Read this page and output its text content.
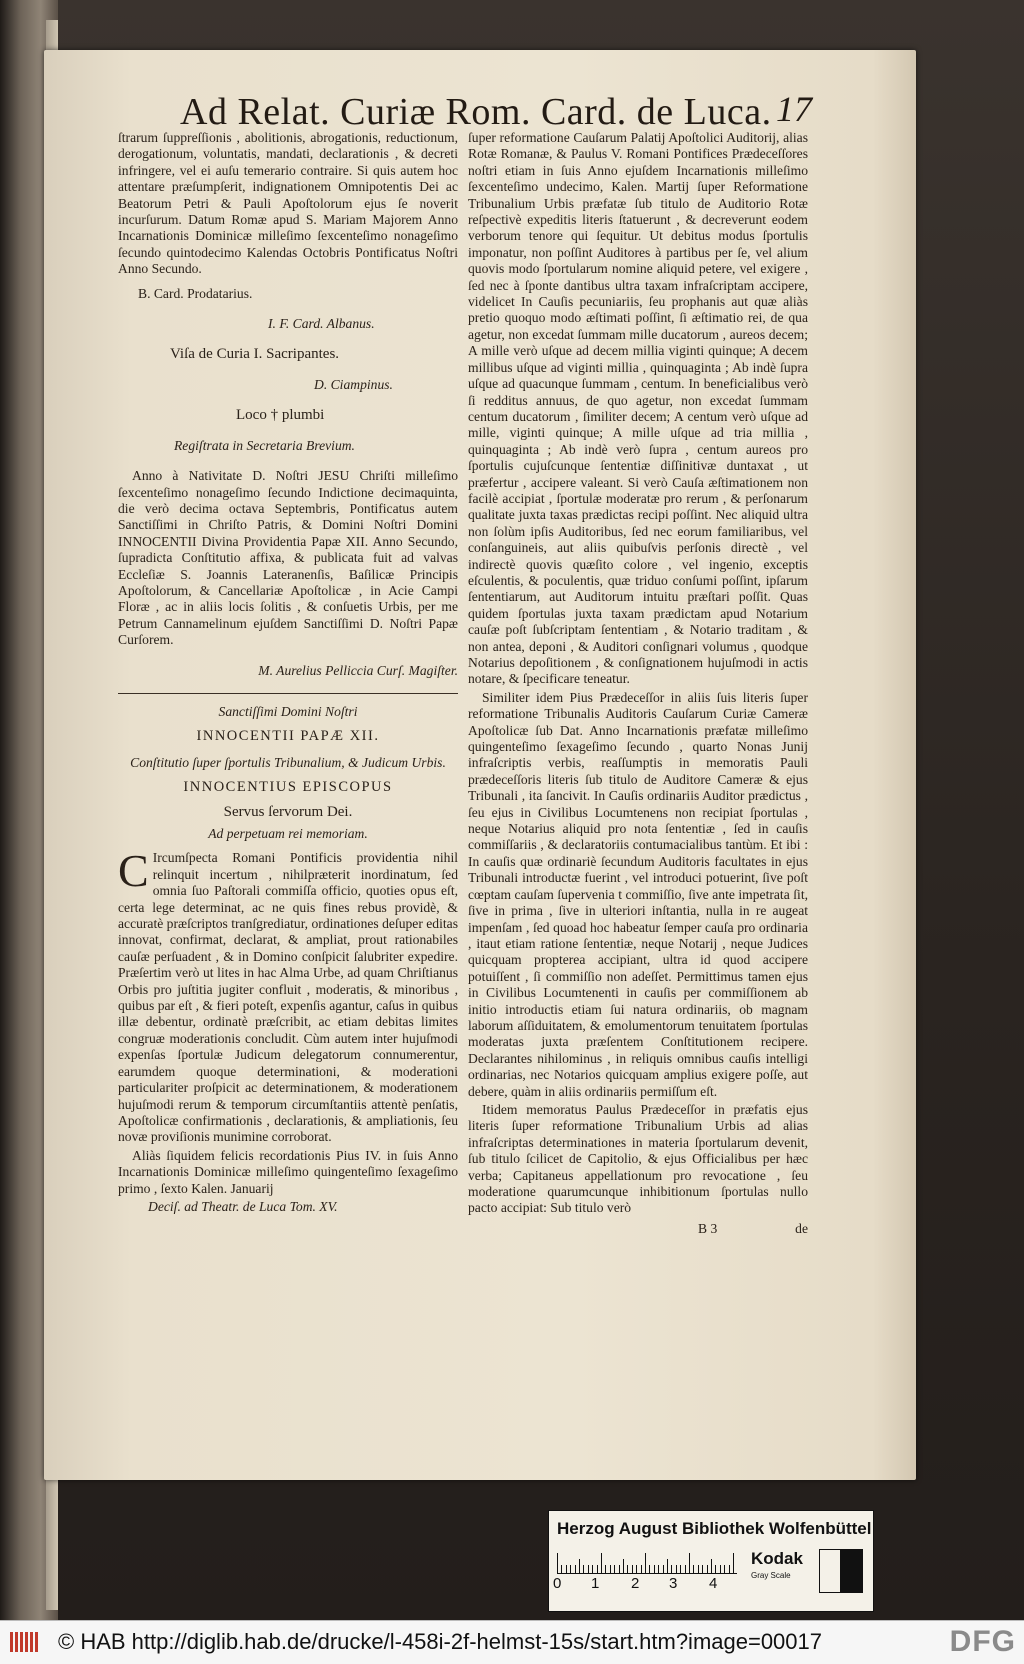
Ad Relat. Curiæ Rom. Card. de Luca. 17

ſtrarum ſuppreſſionis , abolitionis, abrogationis, reductionum, derogationum, voluntatis, mandati, declarationis , & decreti infringere, vel ei auſu temerario contraire. Si quis autem hoc attentare præſumpſerit, indignationem Omnipotentis Dei ac Beatorum Petri & Pauli Apoſtolorum ejus ſe noverit incurſurum. Datum Romæ apud S. Mariam Majorem Anno Incarnationis Dominicæ milleſimo ſexcenteſimo nonageſimo ſecundo quintodecimo Kalendas Octobris Pontificatus Noſtri Anno Secundo.

B. Card. Prodatarius.

I. F. Card. Albanus.

Viſa de Curia I. Sacripantes.

D. Ciampinus.

Loco † plumbi

Regiſtrata in Secretaria Brevium.

Anno à Nativitate D. Noſtri JESU Chriſti milleſimo ſexcenteſimo nonageſimo ſecundo Indictione decimaquinta, die verò decima octava Septembris, Pontificatus autem Sanctiſſimi in Chriſto Patris, & Domini Noſtri Domini INNOCENTII Divina Providentia Papæ XII. Anno Secundo, ſupradicta Conſtitutio affixa, & publicata fuit ad valvas Eccleſiæ S. Joannis Lateranenſis, Baſilicæ Principis Apoſtolorum, & Cancellariæ Apoſtolicæ , in Acie Campi Floræ , ac in aliis locis ſolitis , & conſuetis Urbis, per me Petrum Cannamelinum ejuſdem Sanctiſſimi D. Noſtri Papæ Curſorem.

M. Aurelius Pelliccia Curſ. Magiſter.

Sanctiſſimi Domini Noſtri

INNOCENTII PAPÆ XII.

Conſtitutio ſuper ſportulis Tribunalium, & Judicum Urbis.

INNOCENTIUS EPISCOPUS

Servus ſervorum Dei.

Ad perpetuam rei memoriam.

C Ircumſpecta Romani Pontificis providentia nihil relinquit incertum , nihilpræterit inordinatum, ſed omnia ſuo Paſtorali commiſſa officio, quoties opus eſt, certa lege determinat, ac ne quis fines rebus providè, & accuratè præſcriptos tranſgrediatur, ordinationes deſuper editas innovat, confirmat, declarat, & ampliat, prout rationabiles cauſæ perſuadent , & in Domino conſpicit ſalubriter expedire. Præſertim verò ut lites in hac Alma Urbe, ad quam Chriſtianus Orbis pro juſtitia jugiter confluit , moderatis, & minoribus , quibus par eſt , & fieri poteſt, expenſis agantur, caſus in quibus illæ debentur, ordinatè præſcribit, ac etiam debitas limites congruæ moderationis concludit. Cùm autem inter hujuſmodi expenſas ſportulæ Judicum delegatorum connumerentur, earumdem quoque determinationi, & moderationi particulariter proſpicit ac determinationem, & moderationem hujuſmodi rerum & temporum circumſtantiis attentè penſatis, Apoſtolicæ confirmationis , declarationis, & ampliationis, ſeu novæ proviſionis munimine corroborat.

Aliàs ſiquidem felicis recordationis Pius IV. in ſuis Anno Incarnationis Dominicæ milleſimo quingenteſimo ſexageſimo primo , ſexto Kalen. Januarij

Deciſ. ad Theatr. de Luca Tom. XV.

ſuper reformatione Cauſarum Palatij Apoſtolici Auditorij, alias Rotæ Romanæ, & Paulus V. Romani Pontifices Prædeceſſores noſtri etiam in ſuis Anno ejuſdem Incarnationis milleſimo ſexcenteſimo undecimo, Kalen. Martij ſuper Reformatione Tribunalium Urbis præfatæ ſub titulo de Auditorio Rotæ reſpectivè expeditis literis ſtatuerunt , & decreverunt eodem verborum tenore qui ſequitur. Ut debitus modus ſportulis imponatur, non poſſint Auditores à partibus per ſe, vel alium quovis modo ſportularum nomine aliquid petere, vel exigere , ſed nec à ſponte dantibus ultra taxam infraſcriptam accipere, videlicet In Cauſis pecuniariis, ſeu prophanis aut quæ aliàs pretio quoquo modo æſtimati poſſint, ſi æſtimatio rei, de qua agetur, non excedat ſummam mille ducatorum , aureos decem; A mille verò uſque ad decem millia viginti quinque; A decem millibus uſque ad viginti millia , quinquaginta ; Ab indè ſupra uſque ad quacunque ſummam , centum. In beneficialibus verò ſi redditus annuus, de quo agetur, non excedat ſummam centum ducatorum , ſimiliter decem; A centum verò uſque ad mille, viginti quinque; A mille uſque ad tria millia , quinquaginta ; Ab indè verò ſupra , centum aureos pro ſportulis cujuſcunque ſententiæ diſſinitivæ duntaxat , ut præfertur , accipere valeant. Si verò Cauſa æſtimationem non facilè accipiat , ſportulæ moderatæ pro rerum , & perſonarum qualitate juxta taxas prædictas recipi poſſint. Nec aliquid ultra non ſolùm ipſis Auditoribus, ſed nec eorum familiaribus, vel conſanguineis, aut aliis quibuſvis perſonis directè , vel indirectè quovis quæſito colore , vel ingenio, exceptis eſculentis, & poculentis, quæ triduo conſumi poſſint, ipſarum ſententiarum, aut Auditorum intuitu præſtari poſſit. Quas quidem ſportulas juxta taxam prædictam apud Notarium cauſæ poſt ſubſcriptam ſententiam , & Notario traditam , & non antea, deponi , & Auditori conſignari volumus , quodque Notarius depoſitionem , & conſignationem hujuſmodi in actis notare, & ſpecificare teneatur.

Similiter idem Pius Prædeceſſor in aliis ſuis literis ſuper reformatione Tribunalis Auditoris Cauſarum Curiæ Cameræ Apoſtolicæ ſub Dat. Anno Incarnationis præfatæ milleſimo quingenteſimo ſexageſimo ſecundo , quarto Nonas Junij infraſcriptis verbis, reaſſumptis in memoratis Pauli prædeceſſoris literis ſub titulo de Auditore Cameræ & ejus Tribunali , ita ſancivit. In Cauſis ordinariis Auditor prædictus , ſeu ejus in Civilibus Locumtenens non recipiat ſportulas , neque Notarius aliquid pro nota ſententiæ , ſed in cauſis commiſſariis , & declaratoriis contumacialibus tantùm. Et ibi : In cauſis quæ ordinariè ſecundum Auditoris facultates in ejus Tribunali introductæ fuerint , vel introduci potuerint, ſive poſt cœptam cauſam ſupervenia t commiſſio, ſive ante impetrata ſit, ſive in prima , ſive in ulteriori inſtantia, nulla in re augeat impenſam , ſed quoad hoc habeatur ſemper cauſa pro ordinaria , itaut etiam ratione ſententiæ, neque Notarij , neque Judices quicquam propterea accipiant, ultra id quod accipere potuiſſent , ſi commiſſio non adeſſet. Permittimus tamen ejus in Civilibus Locumtenenti in cauſis per commiſſionem ab initio introductis etiam ſui natura ordinariis, ob magnam laborum aſſiduitatem, & emolumentorum tenuitatem ſportulas moderatas juxta præſentem Conſtitutionem recipere. Declarantes nihilominus , in reliquis omnibus cauſis intelligi ordinarias, nec Notarios quicquam amplius exigere poſſe, aut debere, quàm in aliis ordinariis permiſſum eſt.

Itidem memoratus Paulus Prædeceſſor in præfatis ejus literis ſuper reformatione Tribunalium Urbis ad alias infraſcriptas determinationes in materia ſportularum devenit, ſub titulo ſcilicet de Capitolio, & ejus Officialibus per hæc verba; Capitaneus appellationum pro revocatione , ſeu moderatione quarumcunque inhibitionum ſportulas nullo pacto accipiat: Sub titulo verò

B 3	de

Herzog August Bibliothek Wolfenbüttel
0 1 2 3 4
Kodak
Gray Scale
© HAB http://diglib.hab.de/drucke/l-458i-2f-helmst-15s/start.htm?image=00017	DFG
